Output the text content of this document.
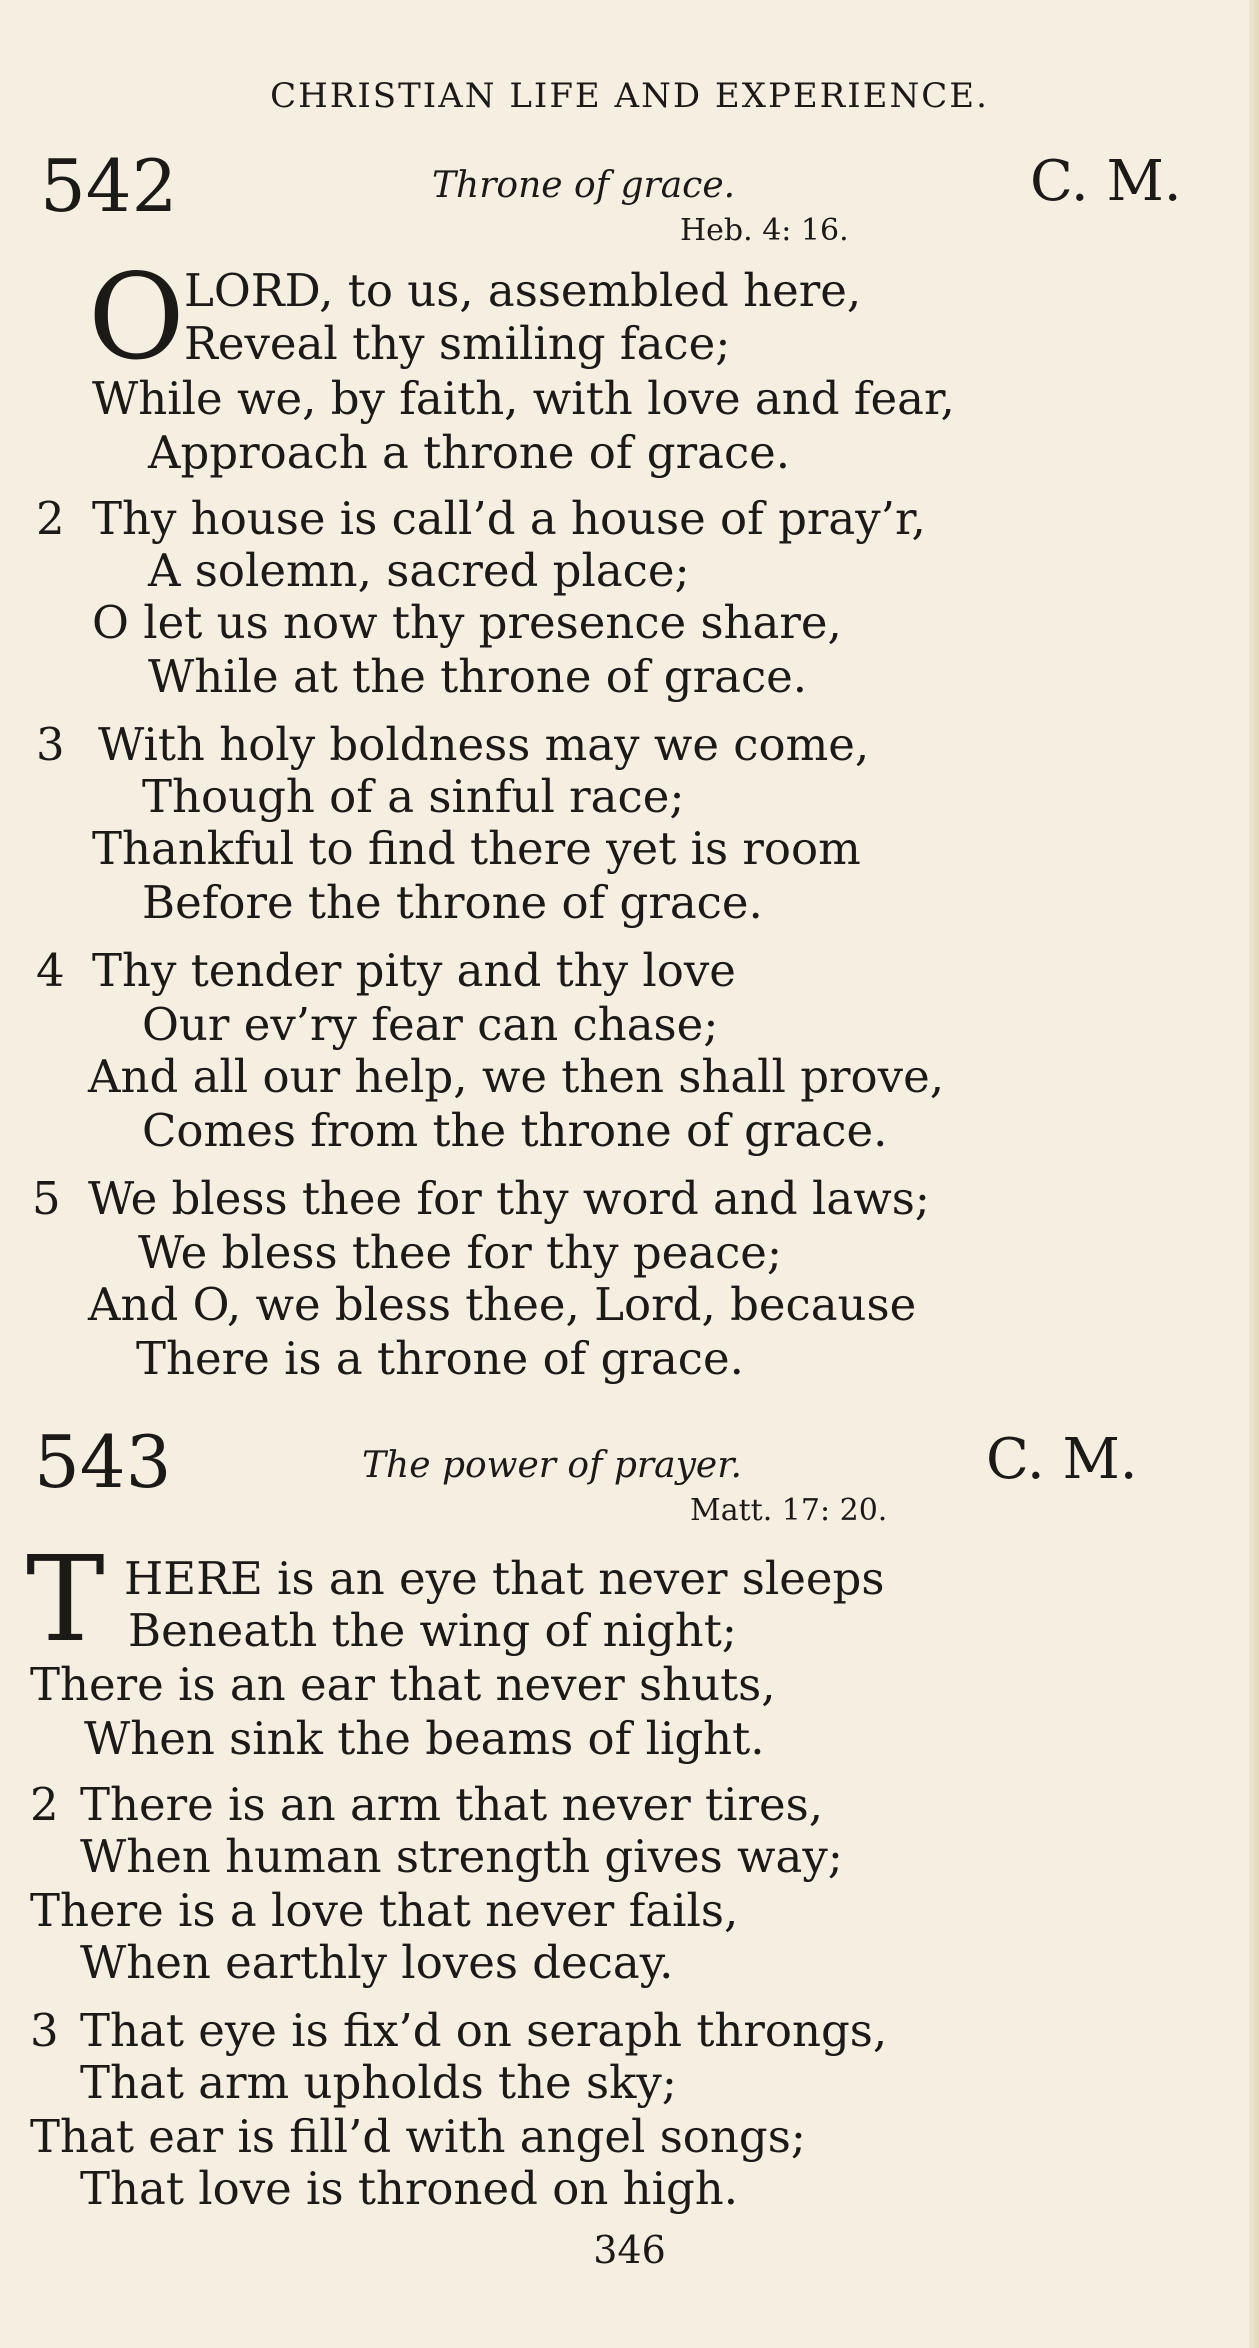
CHRISTIAN LIFE AND EXPERIENCE.
542	Throne of grace.	C. M.
Heb. 4: 16.
O LORD, to us, assembled here,
Reveal thy smiling face;
While we, by faith, with love and fear,
Approach a throne of grace.
2 Thy house is call’d a house of pray’r,
A solemn, sacred place;
O let us now thy presence share,
While at the throne of grace.
3 With holy boldness may we come,
Though of a sinful race;
Thankful to find there yet is room
Before the throne of grace.
4 Thy tender pity and thy love
Our ev’ry fear can chase;
And all our help, we then shall prove,
Comes from the throne of grace.
5 We bless thee for thy word and laws;
We bless thee for thy peace;
And O, we bless thee, Lord, because
There is a throne of grace.
543	The power of prayer.	C. M.
Matt. 17: 20.
T HERE is an eye that never sleeps
Beneath the wing of night;
There is an ear that never shuts,
When sink the beams of light.
2 There is an arm that never tires,
When human strength gives way;
There is a love that never fails,
When earthly loves decay.
3 That eye is fix’d on seraph throngs,
That arm upholds the sky;
That ear is fill’d with angel songs;
That love is throned on high.
346
